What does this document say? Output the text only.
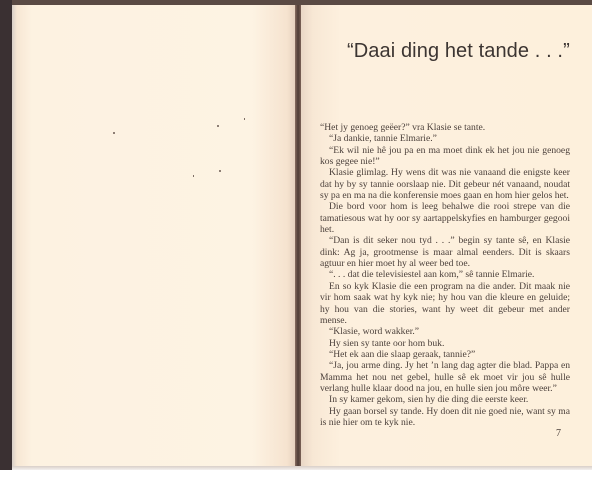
“Daai ding het tande . . .”

“Het jy genoeg geëer?” vra Klasie se tante.

“Ja dankie, tannie Elmarie.”

“Ek wil nie hê jou pa en ma moet dink ek het jou nie genoeg kos gegee nie!”

Klasie glimlag. Hy wens dit was nie vanaand die enigste keer dat hy by sy tannie oorslaap nie. Dit gebeur nét vanaand, noudat sy pa en ma na die konferensie moes gaan en hom hier gelos het.

Die bord voor hom is leeg behalwe die rooi strepe van die tamatiesous wat hy oor sy aartappelskyfies en hamburger gegooi het.

“Dan is dit seker nou tyd . . .” begin sy tante sê, en Klasie dink: Ag ja, grootmense is maar almal eenders. Dit is skaars agtuur en hier moet hy al weer bed toe.

“. . . dat die televisiestel aan kom,” sê tannie Elmarie.

En so kyk Klasie die een program na die ander. Dit maak nie vir hom saak wat hy kyk nie; hy hou van die kleure en geluide; hy hou van die stories, want hy weet dit gebeur met ander mense.

“Klasie, word wakker.”

Hy sien sy tante oor hom buk.

“Het ek aan die slaap geraak, tannie?”

“Ja, jou arme ding. Jy het ’n lang dag agter die blad. Pappa en Mamma het nou net gebel, hulle sê ek moet vir jou sê hulle verlang hulle klaar dood na jou, en hulle sien jou môre weer.”

In sy kamer gekom, sien hy die ding die eerste keer.

Hy gaan borsel sy tande. Hy doen dit nie goed nie, want sy ma is nie hier om te kyk nie.

7
